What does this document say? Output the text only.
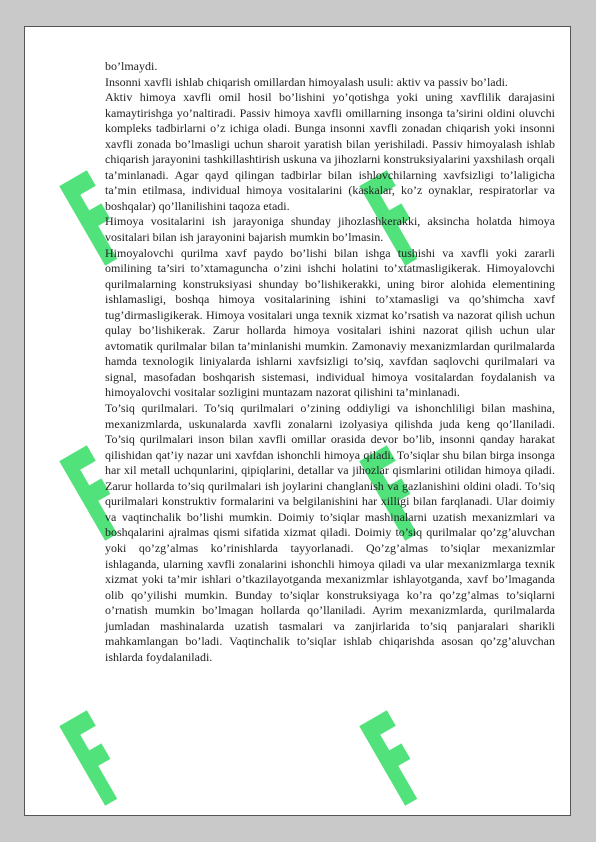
bo’lmaydi.

Insonni xavfli ishlab chiqarish omillardan himoyalash usuli: aktiv va passiv bo’ladi.

Aktiv himoya xavfli omil hosil bo’lishini yo’qotishga yoki uning xavflilik darajasini kamaytirishga yo’naltiradi. Passiv himoya xavfli omillarning insonga ta’sirini oldini oluvchi kompleks tadbirlarni o’z ichiga oladi. Bunga insonni xavfli zonadan chiqarish yoki insonni xavfli zonada bo’lmasligi uchun sharoit yaratish bilan yerishiladi. Passiv himoyalash ishlab chiqarish jarayonini tashkillashtirish uskuna va jihozlarni konstruksiyalarini yaxshilash orqali ta’minlanadi. Agar qayd qilingan tadbirlar bilan ishlovchilarning xavfsizligi to’laligicha ta’min etilmasa, individual himoya vositalarini (kaskalar, ko’z oynaklar, respiratorlar va boshqalar) qo’llanilishini taqoza etadi.

Himoya vositalarini ish jarayoniga shunday jihozlashkerakki, aksincha holatda himoya vositalari bilan ish jarayonini bajarish mumkin bo’lmasin.

Himoyalovchi qurilma xavf paydo bo’lishi bilan ishga tushishi va xavfli yoki zararli omilining ta’siri to’xtamaguncha o’zini ishchi holatini to’xtatmasligikerak. Himoyalovchi qurilmalarning konstruksiyasi shunday bo’lishikerakki, uning biror alohida elementining ishlamasligi, boshqa himoya vositalarining ishini to’xtamasligi va qo’shimcha xavf tug’dirmasligikerak. Himoya vositalari unga texnik xizmat ko’rsatish va nazorat qilish uchun qulay bo’lishikerak. Zarur hollarda himoya vositalari ishini nazorat qilish uchun ular avtomatik qurilmalar bilan ta’minlanishi mumkin. Zamonaviy mexanizmlardan qurilmalarda hamda texnologik liniyalarda ishlarni xavfsizligi to’siq, xavfdan saqlovchi qurilmalari va signal, masofadan boshqarish sistemasi, individual himoya vositalardan foydalanish va himoyalovchi vositalar sozligini muntazam nazorat qilishini ta’minlanadi.

To’siq qurilmalari. To’siq qurilmalari o’zining oddiyligi va ishonchliligi bilan mashina, mexanizmlarda, uskunalarda xavfli zonalarni izolyasiya qilishda juda keng qo’llaniladi. To’siq qurilmalari inson bilan xavfli omillar orasida devor bo’lib, insonni qanday harakat qilishidan qat’iy nazar uni xavfdan ishonchli himoya qiladi. To’siqlar shu bilan birga insonga har xil metall uchqunlarini, qipiqlarini, detallar va jihozlar qismlarini otilidan himoya qiladi. Zarur hollarda to’siq qurilmalari ish joylarini changlanish va gazlanishini oldini oladi. To’siq qurilmalari konstruktiv formalarini va belgilanishini har xilligi bilan farqlanadi. Ular doimiy va vaqtinchalik bo’lishi mumkin. Doimiy to’siqlar mashinalarni uzatish mexanizmlari va boshqalarini ajralmas qismi sifatida xizmat qiladi. Doimiy to’siq qurilmalar qo’zg’aluvchan yoki qo’zg’almas ko’rinishlarda tayyorlanadi. Qo’zg’almas to’siqlar mexanizmlar ishlaganda, ularning xavfli zonalarini ishonchli himoya qiladi va ular mexanizmlarga texnik xizmat yoki ta’mir ishlari o’tkazilayotganda mexanizmlar ishlayotganda, xavf bo’lmaganda olib qo’yilishi mumkin. Bunday to’siqlar konstruksiyaga ko’ra qo’zg’almas to’siqlarni o’rnatish mumkin bo’lmagan hollarda qo’llaniladi. Ayrim mexanizmlarda, qurilmalarda jumladan mashinalarda uzatish tasmalari va zanjirlarida to’siq panjaralari sharikli mahkamlangan bo’ladi. Vaqtinchalik to’siqlar ishlab chiqarishda asosan qo’zg’aluvchan ishlarda foydalaniladi.
